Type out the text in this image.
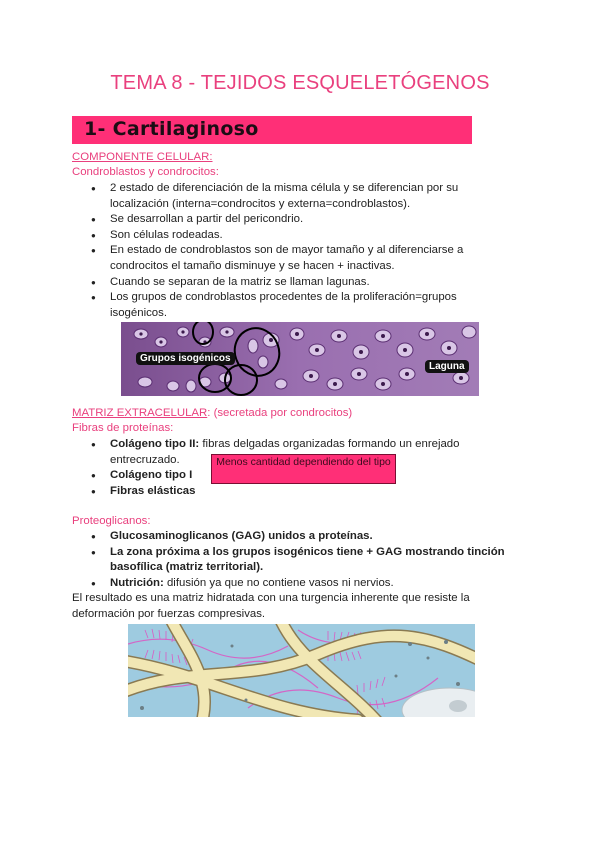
TEMA 8 - TEJIDOS ESQUELETÓGENOS
1- Cartilaginoso
COMPONENTE CELULAR:
Condroblastos y condrocitos:
● 2 estado de diferenciación de la misma célula y se diferencian por su localización (interna=condrocitos y externa=condroblastos).
● Se desarrollan a partir del pericondrio.
● Son células rodeadas.
● En estado de condroblastos son de mayor tamaño y al diferenciarse a condrocitos el tamaño disminuye y se hacen + inactivas.
● Cuando se separan de la matriz se llaman lagunas.
● Los grupos de condroblastos procedentes de la proliferación=grupos isogénicos.
Grupos isogénicos
Laguna
MATRIZ EXTRACELULAR: (secretada por condrocitos)
Fibras de proteínas:
● Colágeno tipo II: fibras delgadas organizadas formando un enrejado entrecruzado.
● Colágeno tipo I
● Fibras elásticas
Menos cantidad dependiendo del tipo
Proteoglicanos:
● Glucosaminoglicanos (GAG) unidos a proteínas.
● La zona próxima a los grupos isogénicos tiene + GAG mostrando tinción basofílica (matriz territorial).
● Nutrición: difusión ya que no contiene vasos ni nervios.
El resultado es una matriz hidratada con una turgencia inherente que resiste la deformación por fuerzas compresivas.
